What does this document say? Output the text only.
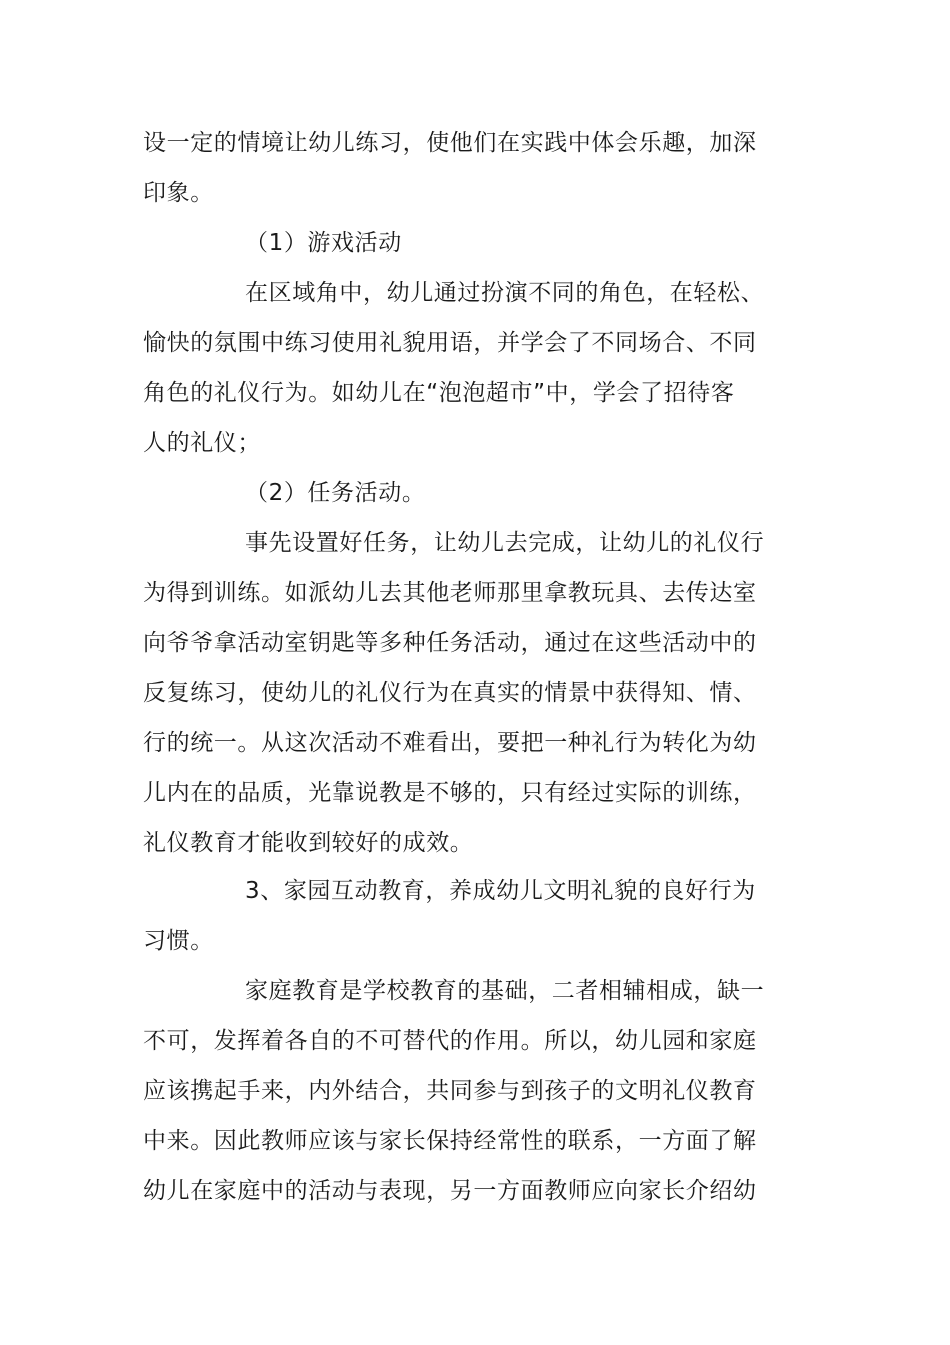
设一定的情境让幼儿练习，使他们在实践中体会乐趣，加深
印象。
（1）游戏活动
在区域角中，幼儿通过扮演不同的角色，在轻松、
愉快的氛围中练习使用礼貌用语，并学会了不同场合、不同
角色的礼仪行为。如幼儿在“泡泡超市”中，学会了招待客
人的礼仪；
（2）任务活动。
事先设置好任务，让幼儿去完成，让幼儿的礼仪行
为得到训练。如派幼儿去其他老师那里拿教玩具、去传达室
向爷爷拿活动室钥匙等多种任务活动，通过在这些活动中的
反复练习，使幼儿的礼仪行为在真实的情景中获得知、情、
行的统一。从这次活动不难看出，要把一种礼行为转化为幼
儿内在的品质，光靠说教是不够的，只有经过实际的训练，
礼仪教育才能收到较好的成效。
3、家园互动教育，养成幼儿文明礼貌的良好行为
习惯。
家庭教育是学校教育的基础，二者相辅相成，缺一
不可，发挥着各自的不可替代的作用。所以，幼儿园和家庭
应该携起手来，内外结合，共同参与到孩子的文明礼仪教育
中来。因此教师应该与家长保持经常性的联系，一方面了解
幼儿在家庭中的活动与表现，另一方面教师应向家长介绍幼
